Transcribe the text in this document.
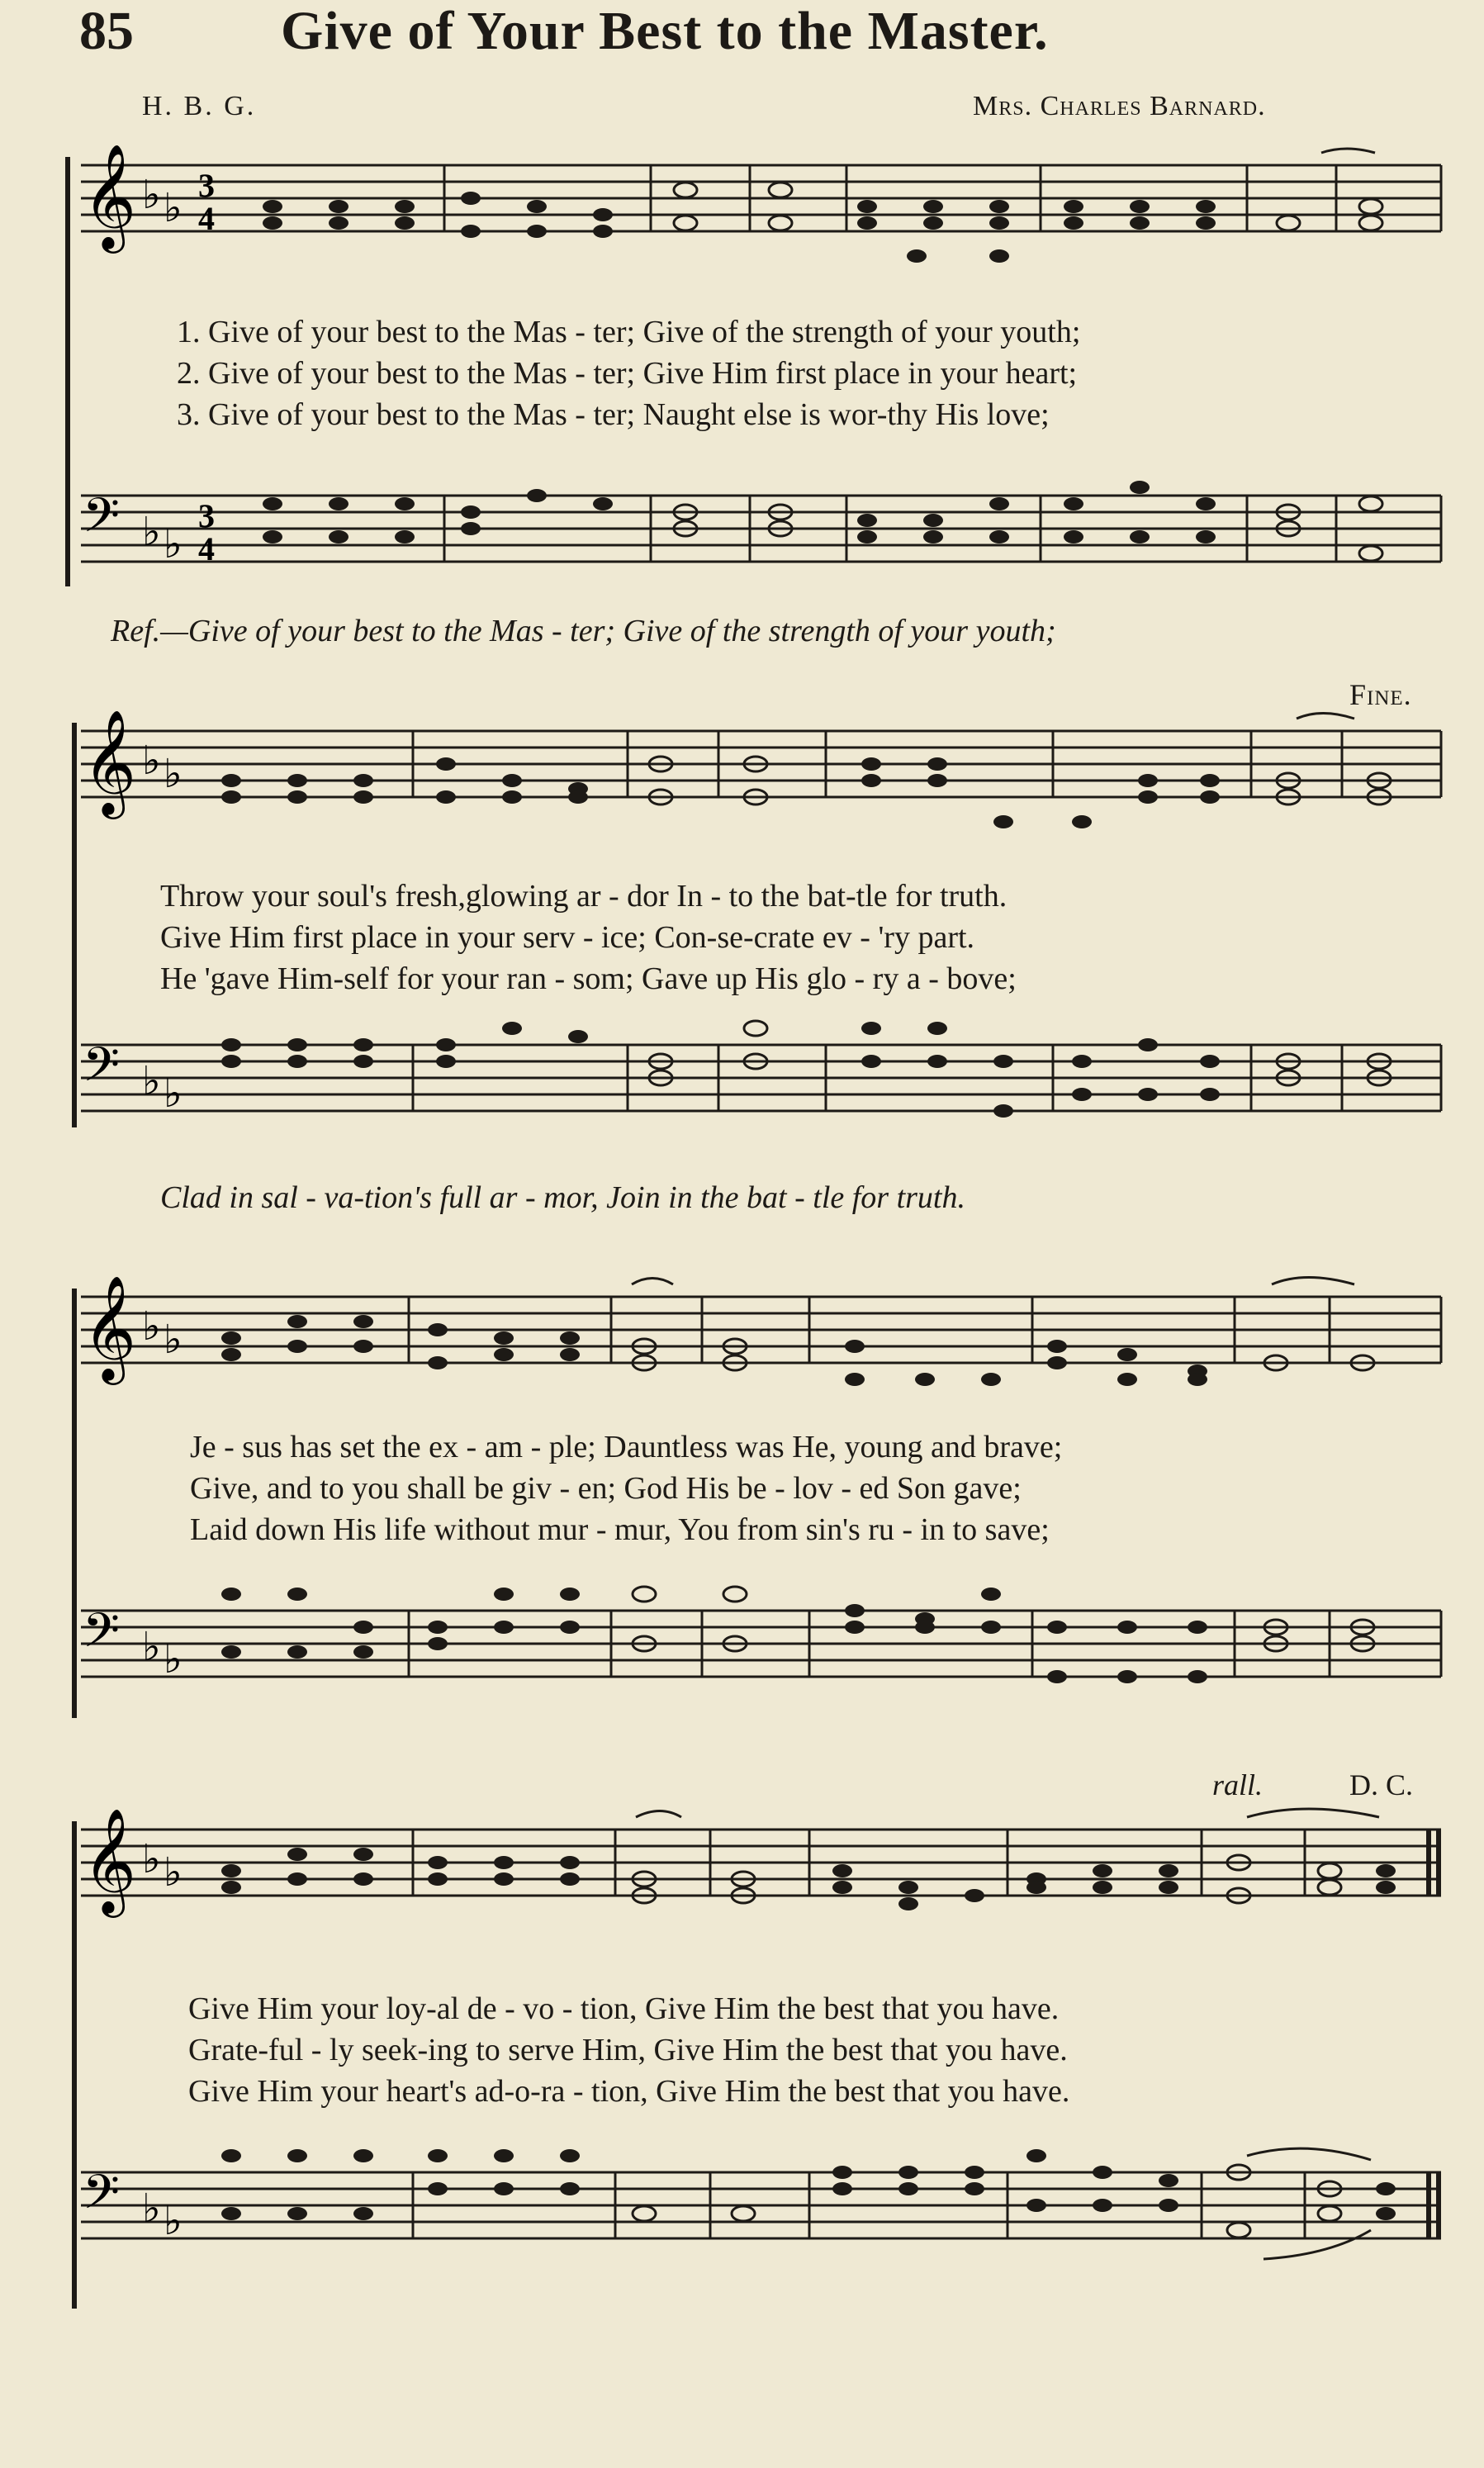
85	Give of Your Best to the Master.
H. B. G.	Mrs. Charles Barnard.
𝄞 ♭ ♭ 3
4
1. Give of your best to the Mas - ter; Give of the strength of your youth;
2. Give of your best to the Mas - ter; Give Him first place in your heart;
3. Give of your best to the Mas - ter; Naught else is wor-thy His love;
𝄢 ♭ ♭
3
4
Ref.—Give of your best to the Mas - ter; Give of the strength of your youth;
Fine.
𝄞 ♭ ♭
Throw your soul's fresh,glowing ar - dor In - to the bat-tle for truth.
Give Him first place in your serv - ice; Con-se-crate ev - 'ry part.
He 'gave Him-self for your ran - som; Gave up His glo - ry a - bove;
𝄢 ♭ ♭
Clad in sal - va-tion's full ar - mor, Join in the bat - tle for truth.
𝄞 ♭ ♭
Je - sus has set the ex - am - ple; Dauntless was He, young and brave;
Give, and to you shall be giv - en; God His be - lov - ed Son gave;
Laid down His life without mur - mur, You from sin's ru - in to save;
𝄢 ♭ ♭
rall.	D. C.
𝄞 ♭ ♭
Give Him your loy-al de - vo - tion, Give Him the best that you have.
Grate-ful - ly seek-ing to serve Him, Give Him the best that you have.
Give Him your heart's ad-o-ra - tion, Give Him the best that you have.
𝄢 ♭ ♭
